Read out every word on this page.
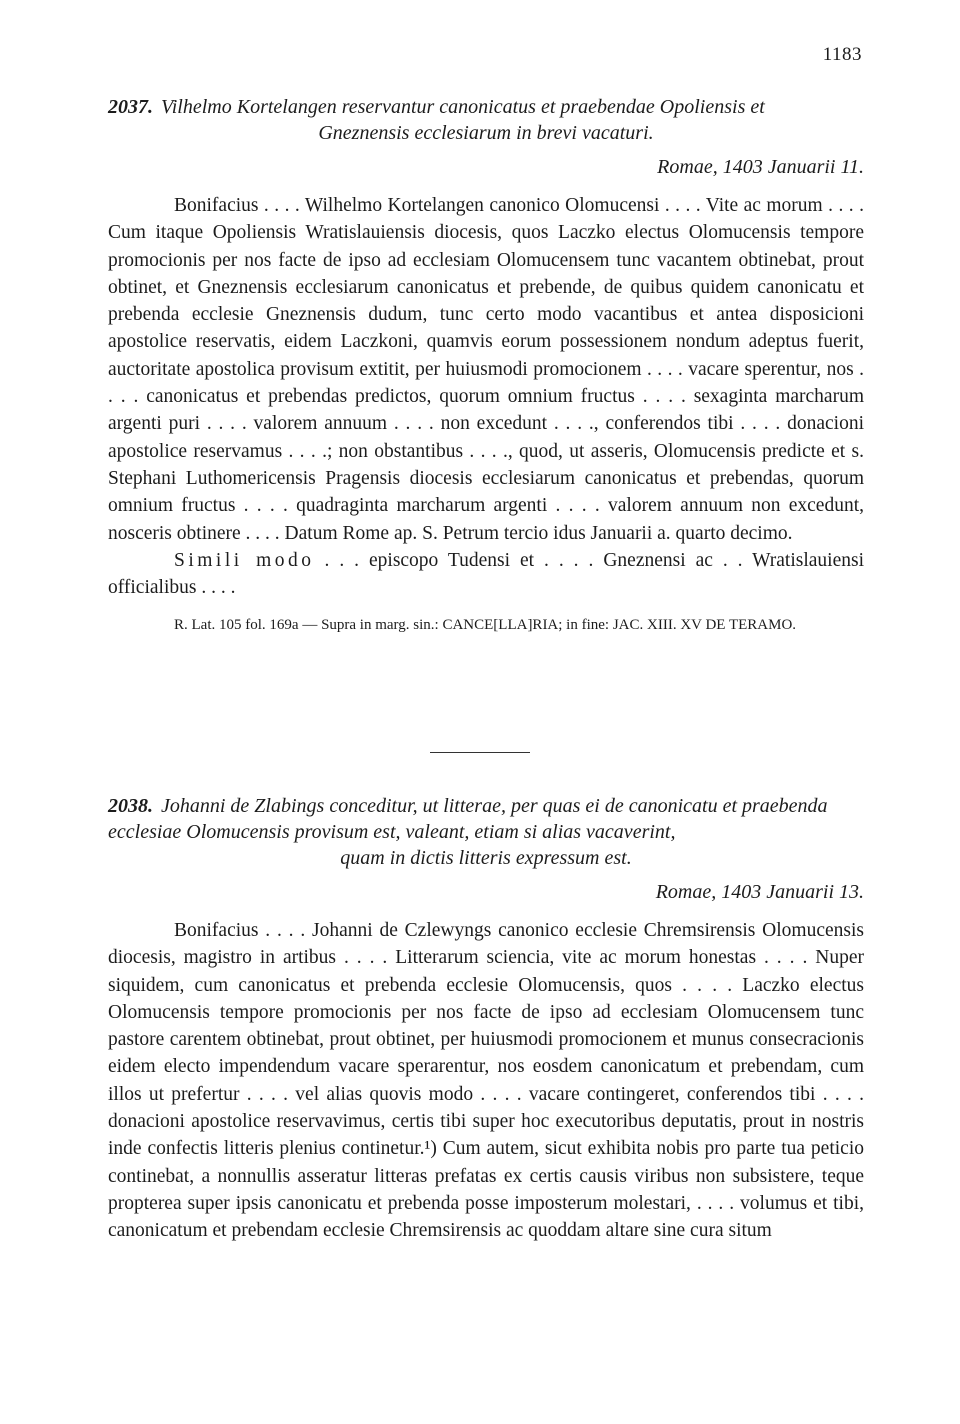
1183

2037. Vilhelmo Kortelangen reservantur canonicatus et praebendae Opoliensis et
Gneznensis ecclesiarum in brevi vacaturi.

Romae, 1403 Januarii 11.

Bonifacius . . . . Wilhelmo Kortelangen canonico Olomucensi . . . . Vite ac morum . . . . Cum itaque Opoliensis Wratislauiensis diocesis, quos Laczko electus Olomucensis tempore promocionis per nos facte de ipso ad ecclesiam Olomucensem tunc vacantem obtinebat, prout obtinet, et Gneznensis ecclesiarum canonicatus et prebende, de quibus quidem canonicatu et prebenda ecclesie Gneznensis dudum, tunc certo modo vacantibus et antea disposicioni apostolice reservatis, eidem Laczkoni, quamvis eorum possessionem nondum adeptus fuerit, auctoritate apostolica provisum extitit, per huiusmodi promocionem . . . . vacare sperentur, nos . . . . canonicatus et prebendas predictos, quorum omnium fructus . . . . sexaginta marcharum argenti puri . . . . valorem annuum . . . . non excedunt . . . ., conferendos tibi . . . . donacioni apostolice reservamus . . . .; non obstantibus . . . ., quod, ut asseris, Olomucensis predicte et s. Stephani Luthomericensis Pragensis diocesis ecclesiarum canonicatus et prebendas, quorum omnium fructus . . . . quadraginta marcharum argenti . . . . valorem annuum non excedunt, nosceris obtinere . . . . Datum Rome ap. S. Petrum tercio idus Januarii a. quarto decimo.

Simili modo . . . episcopo Tudensi et . . . . Gneznensi ac . . Wratislauiensi officialibus . . . .

R. Lat. 105 fol. 169a — Supra in marg. sin.: CANCE[LLA]RIA; in fine: JAC. XIII. XV DE TERAMO.

2038. Johanni de Zlabings conceditur, ut litterae, per quas ei de canonicatu et praebenda ecclesiae Olomucensis provisum est, valeant, etiam si alias vacaverint,
quam in dictis litteris expressum est.

Romae, 1403 Januarii 13.

Bonifacius . . . . Johanni de Czlewyngs canonico ecclesie Chremsirensis Olomucensis diocesis, magistro in artibus . . . . Litterarum sciencia, vite ac morum honestas . . . . Nuper siquidem, cum canonicatus et prebenda ecclesie Olomucensis, quos . . . . Laczko electus Olomucensis tempore promocionis per nos facte de ipso ad ecclesiam Olomucensem tunc pastore carentem obtinebat, prout obtinet, per huiusmodi promocionem et munus consecracionis eidem electo impendendum vacare sperarentur, nos eosdem canonicatum et prebendam, cum illos ut prefertur . . . . vel alias quovis modo . . . . vacare contingeret, conferendos tibi . . . . donacioni apostolice reservavimus, certis tibi super hoc executoribus deputatis, prout in nostris inde confectis litteris plenius continetur.¹) Cum autem, sicut exhibita nobis pro parte tua peticio continebat, a nonnullis asseratur litteras prefatas ex certis causis viribus non subsistere, teque propterea super ipsis canonicatu et prebenda posse imposterum molestari, . . . . volumus et tibi, canonicatum et prebendam ecclesie Chremsirensis ac quoddam altare sine cura situm
